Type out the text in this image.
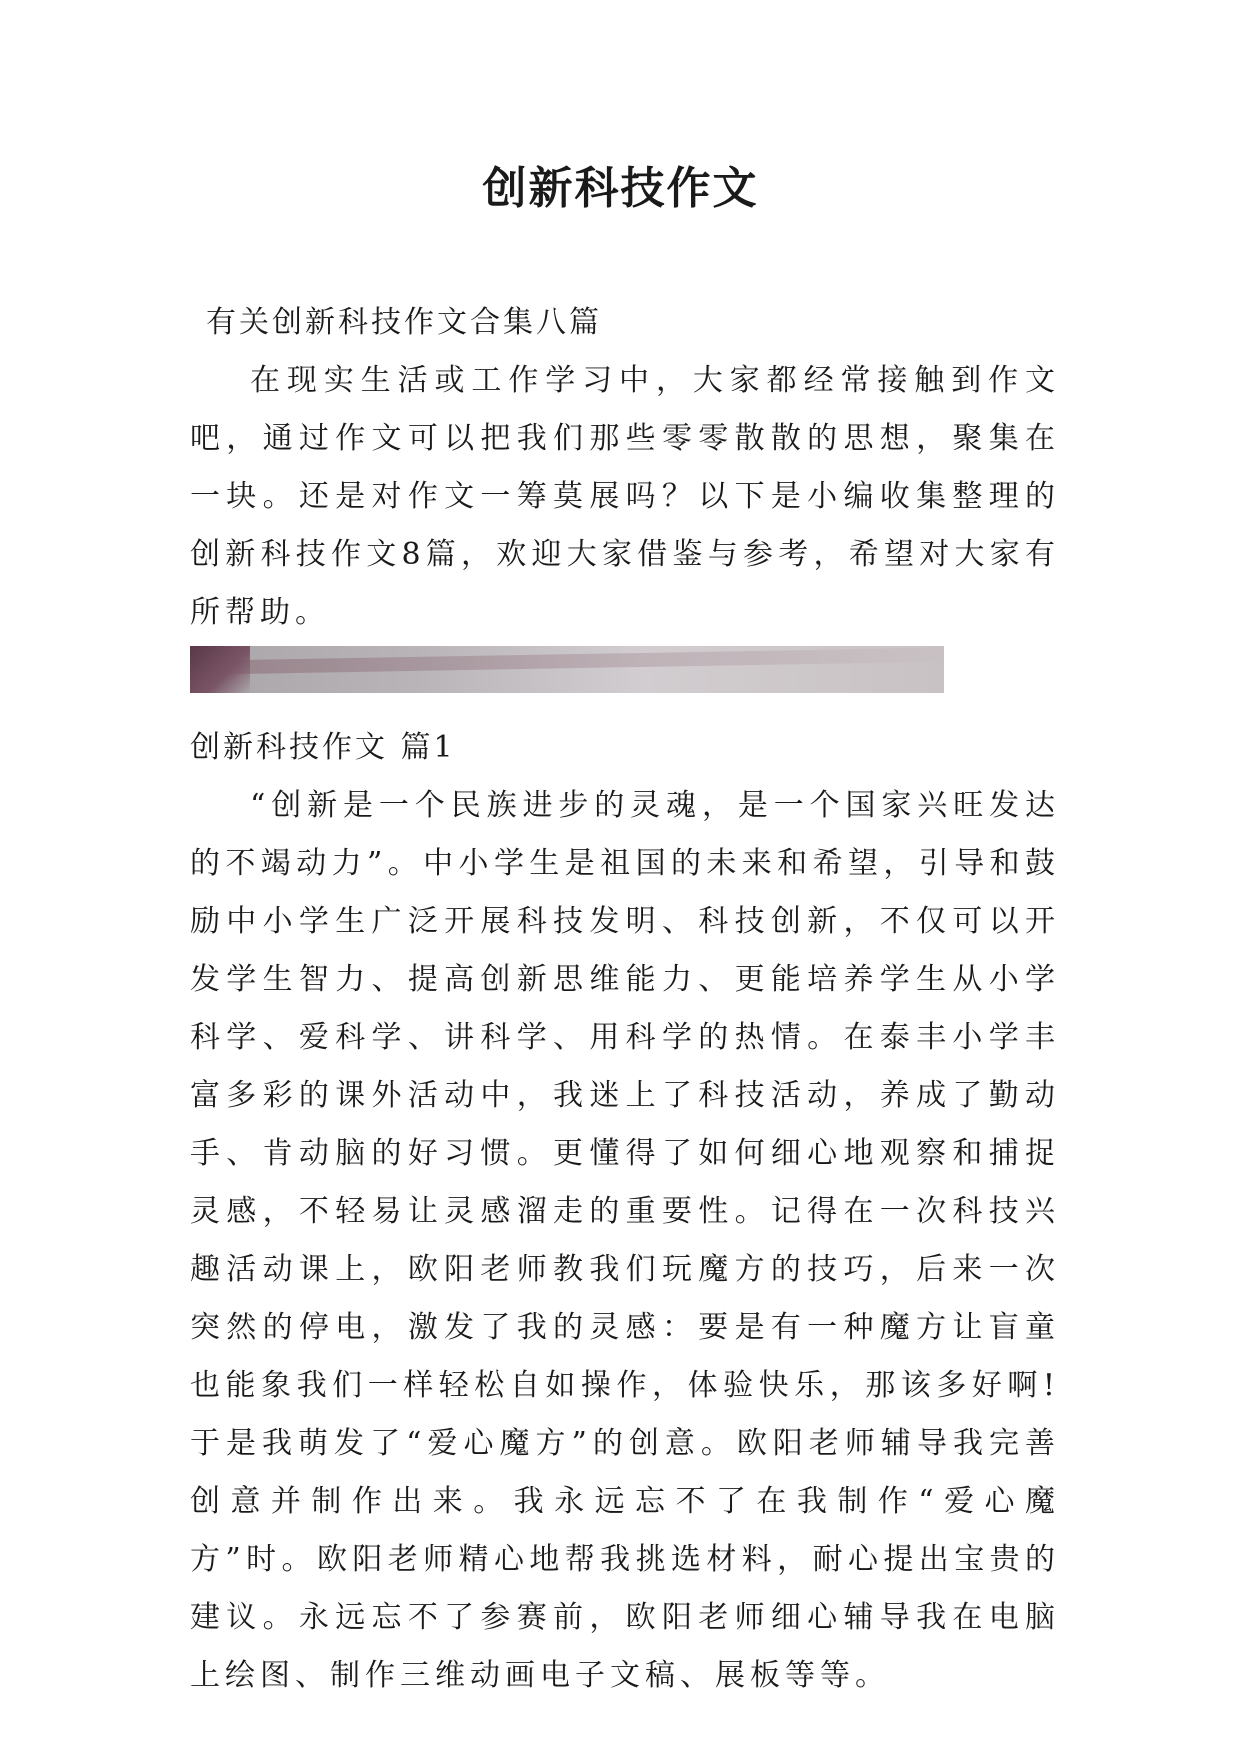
创新科技作文

有关创新科技作文合集八篇

在现实生活或工作学习中，大家都经常接触到作文吧，通过作文可以把我们那些零零散散的思想，聚集在一块。还是对作文一筹莫展吗？以下是小编收集整理的创新科技作文8篇，欢迎大家借鉴与参考，希望对大家有所帮助。

创新科技作文 篇1

“创新是一个民族进步的灵魂，是一个国家兴旺发达的不竭动力”。中小学生是祖国的未来和希望，引导和鼓励中小学生广泛开展科技发明、科技创新，不仅可以开发学生智力、提高创新思维能力、更能培养学生从小学科学、爱科学、讲科学、用科学的热情。在泰丰小学丰富多彩的课外活动中，我迷上了科技活动，养成了勤动手、肯动脑的好习惯。更懂得了如何细心地观察和捕捉灵感，不轻易让灵感溜走的重要性。记得在一次科技兴趣活动课上，欧阳老师教我们玩魔方的技巧，后来一次突然的停电，激发了我的灵感：要是有一种魔方让盲童也能象我们一样轻松自如操作，体验快乐，那该多好啊!于是我萌发了“爱心魔方”的创意。欧阳老师辅导我完善创意并制作出来。我永远忘不了在我制作“爱心魔方”时。欧阳老师精心地帮我挑选材料，耐心提出宝贵的建议。永远忘不了参赛前，欧阳老师细心辅导我在电脑上绘图、制作三维动画电子文稿、展板等等。
